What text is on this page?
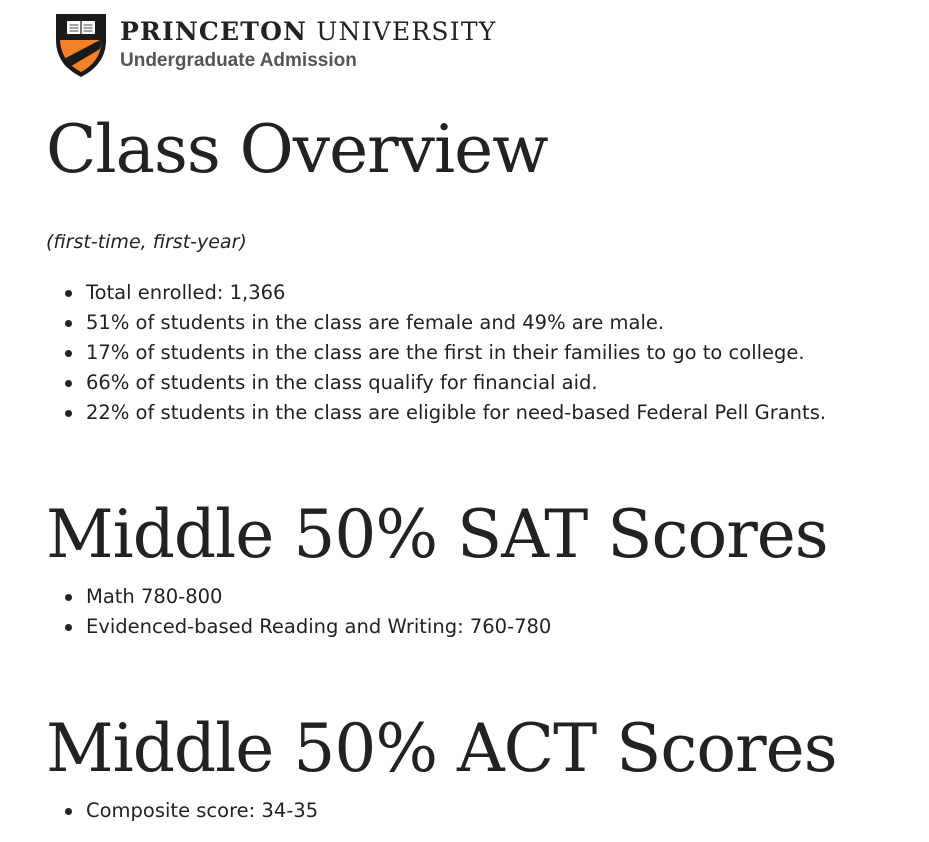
PRINCETON UNIVERSITY
Undergraduate Admission
Class Overview
(first-time, first-year)
Total enrolled: 1,366
51% of students in the class are female and 49% are male.
17% of students in the class are the first in their families to go to college.
66% of students in the class qualify for financial aid.
22% of students in the class are eligible for need-based Federal Pell Grants.
Middle 50% SAT Scores
Math 780-800
Evidenced-based Reading and Writing: 760-780
Middle 50% ACT Scores
Composite score: 34-35
